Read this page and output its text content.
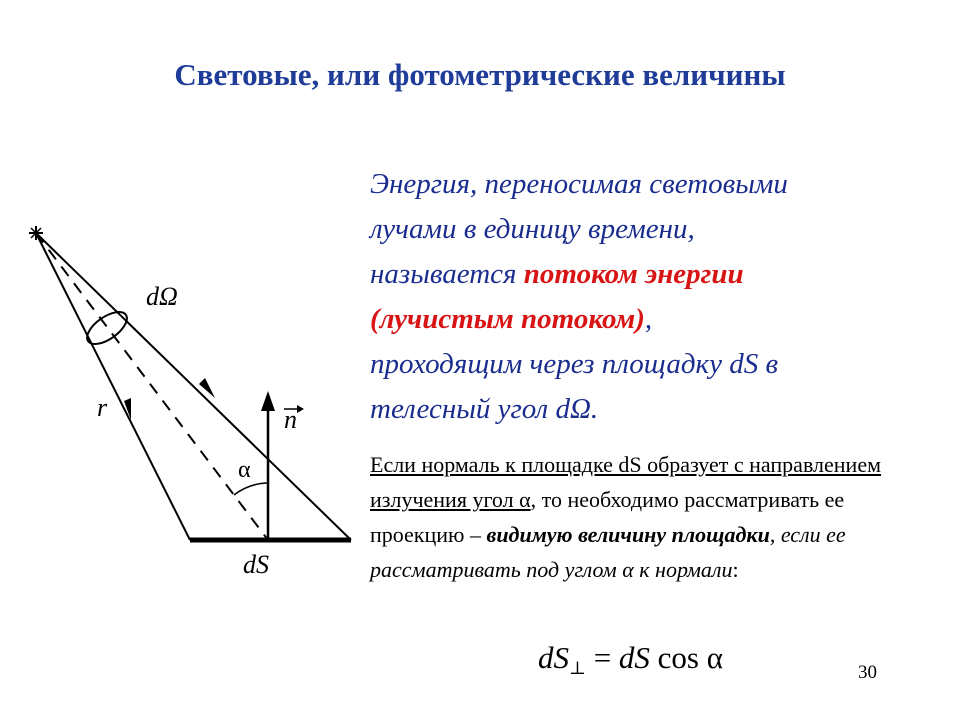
Световые, или фотометрические величины
dΩ
r	n
α
dS
Энергия, переносимая световыми
лучами в единицу времени,
называется потоком энергии
(лучистым потоком),
проходящим через площадку dS в
телесный угол dΩ.
Если нормаль к площадке dS образует с направлением излучения угол α, то необходимо рассматривать ее проекцию – видимую величину площадки, если ее рассматривать под углом α к нормали:
$dS_\perp$ = dS cos α	30
